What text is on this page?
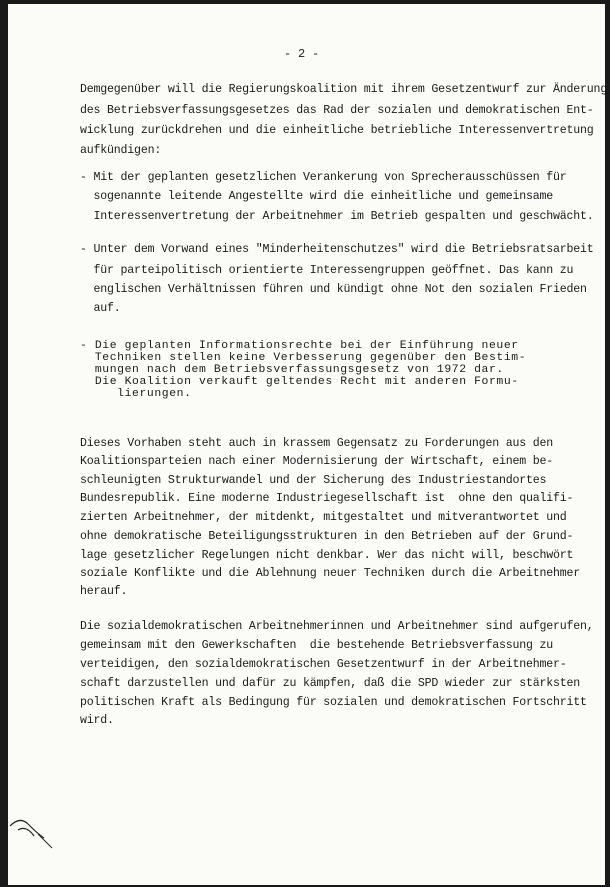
- 2 -
Demgegenüber will die Regierungskoalition mit ihrem Gesetzentwurf zur Änderung
des Betriebsverfassungsgesetzes das Rad der sozialen und demokratischen Ent-
wicklung zurückdrehen und die einheitliche betriebliche Interessenvertretung
aufkündigen:
- Mit der geplanten gesetzlichen Verankerung von Sprecherausschüssen für
sogenannte leitende Angestellte wird die einheitliche und gemeinsame
Interessenvertretung der Arbeitnehmer im Betrieb gespalten und geschwächt.
- Unter dem Vorwand eines "Minderheitenschutzes" wird die Betriebsratsarbeit
für parteipolitisch orientierte Interessengruppen geöffnet. Das kann zu
englischen Verhältnissen führen und kündigt ohne Not den sozialen Frieden
auf.
- Die geplanten Informationsrechte bei der Einführung neuer
Techniken stellen keine Verbesserung gegenüber den Bestim-
mungen nach dem Betriebsverfassungsgesetz von 1972 dar.
Die Koalition verkauft geltendes Recht mit anderen Formu-
lierungen.
Dieses Vorhaben steht auch in krassem Gegensatz zu Forderungen aus den
Koalitionsparteien nach einer Modernisierung der Wirtschaft, einem be-
schleunigten Strukturwandel und der Sicherung des Industriestandortes
Bundesrepublik. Eine moderne Industriegesellschaft ist  ohne den qualifi-
zierten Arbeitnehmer, der mitdenkt, mitgestaltet und mitverantwortet und
ohne demokratische Beteiligungsstrukturen in den Betrieben auf der Grund-
lage gesetzlicher Regelungen nicht denkbar. Wer das nicht will, beschwört
soziale Konflikte und die Ablehnung neuer Techniken durch die Arbeitnehmer
herauf.
Die sozialdemokratischen Arbeitnehmerinnen und Arbeitnehmer sind aufgerufen,
gemeinsam mit den Gewerkschaften  die bestehende Betriebsverfassung zu
verteidigen, den sozialdemokratischen Gesetzentwurf in der Arbeitnehmer-
schaft darzustellen und dafür zu kämpfen, daß die SPD wieder zur stärksten
politischen Kraft als Bedingung für sozialen und demokratischen Fortschritt
wird.
